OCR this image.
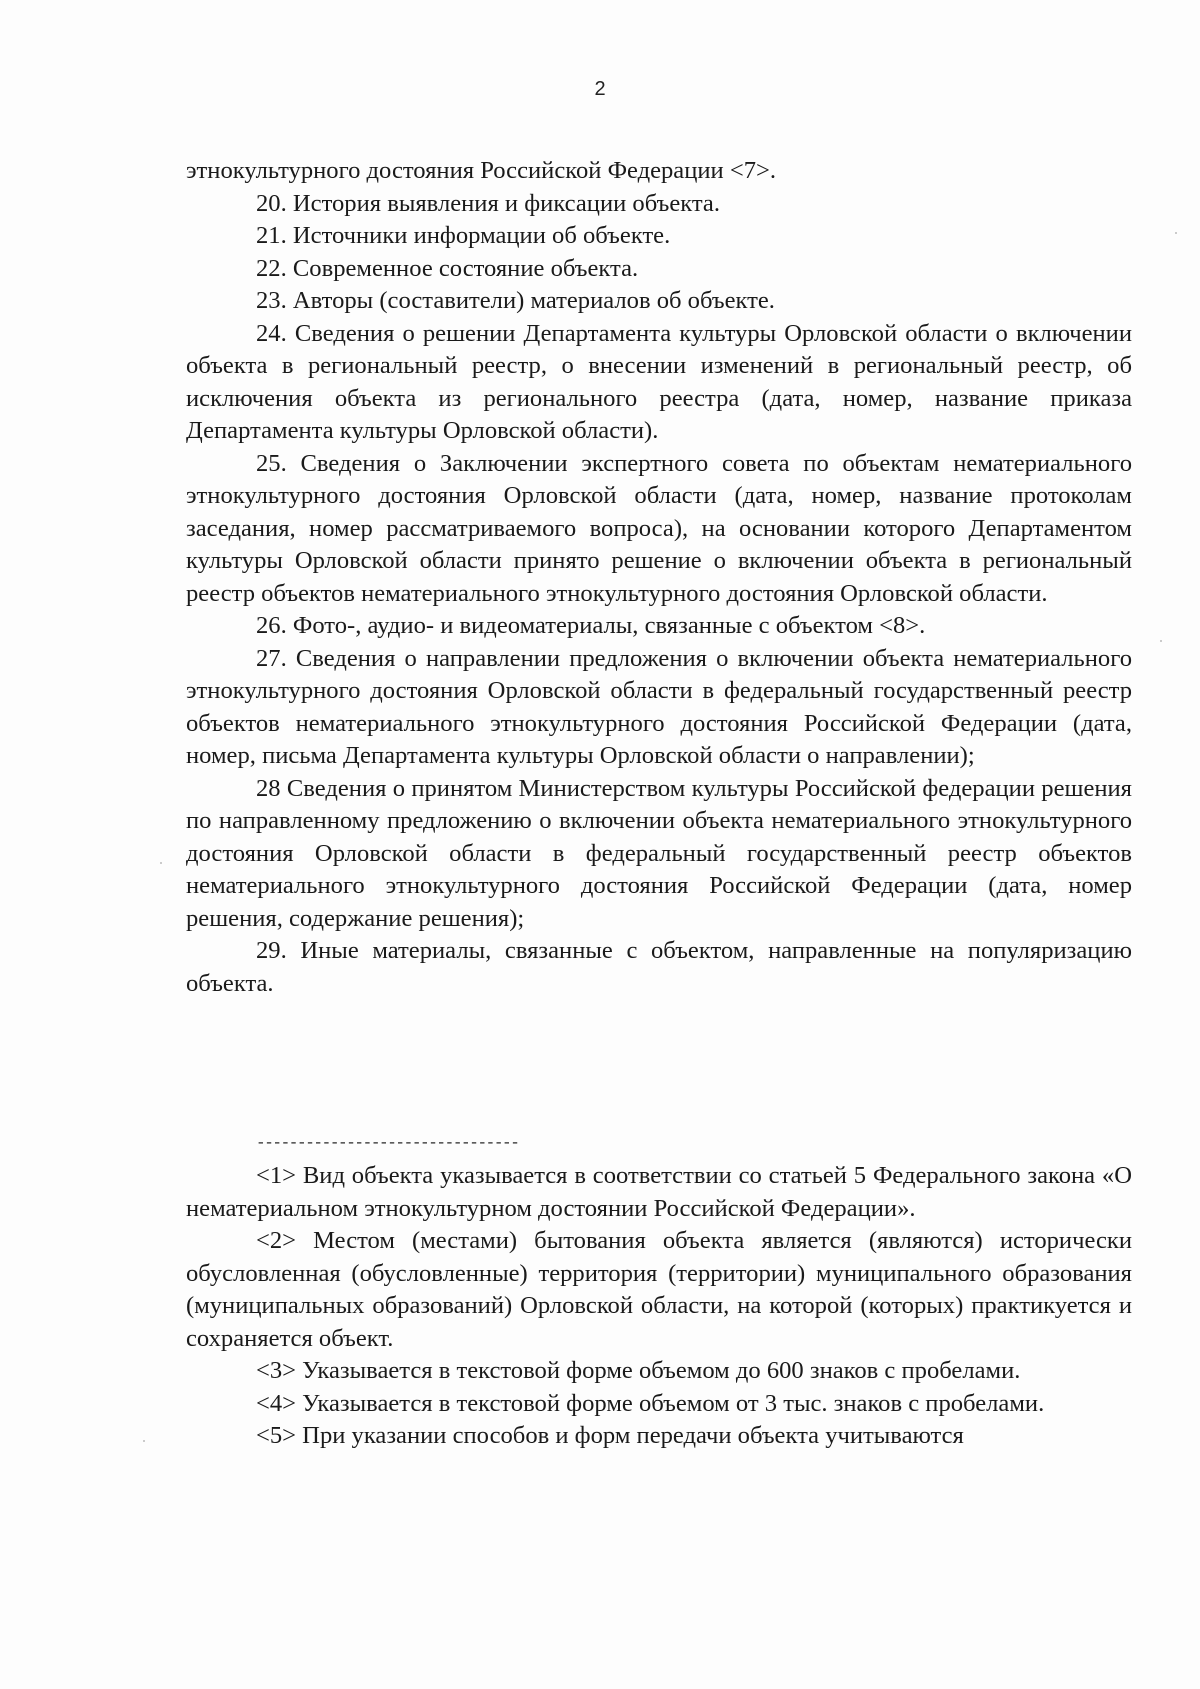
2

этнокультурного достояния Российской Федерации <7>.

20. История выявления и фиксации объекта.

21. Источники информации об объекте.

22. Современное состояние объекта.

23. Авторы (составители) материалов об объекте.

24. Сведения о решении Департамента культуры Орловской области о включении объекта в региональный реестр, о внесении изменений в региональный реестр, об исключения объекта из регионального реестра (дата, номер, название приказа Департамента культуры Орловской области).

25. Сведения о Заключении экспертного совета по объектам нематериального этнокультурного достояния Орловской области (дата, номер, название протоколам заседания, номер рассматриваемого вопроса), на основании которого Департаментом культуры Орловской области принято решение о включении объекта в региональный реестр объектов нематериального этнокультурного достояния Орловской области.

26. Фото-, аудио- и видеоматериалы, связанные с объектом <8>.

27. Сведения о направлении предложения о включении объекта нематериального этнокультурного достояния Орловской области в федеральный государственный реестр объектов нематериального этнокультурного достояния Российской Федерации (дата, номер, письма Департамента культуры Орловской области о направлении);

28 Сведения о принятом Министерством культуры Российской федерации решения по направленному предложению о включении объекта нематериального этнокультурного достояния Орловской области в федеральный государственный реестр объектов нематериального этнокультурного достояния Российской Федерации (дата, номер решения, содержание решения);

29. Иные материалы, связанные с объектом, направленные на популяризацию объекта.

--------------------------------

<1> Вид объекта указывается в соответствии со статьей 5 Федерального закона «О нематериальном этнокультурном достоянии Российской Федерации».

<2> Местом (местами) бытования объекта является (являются) исторически обусловленная (обусловленные) территория (территории) муниципального образования (муниципальных образований) Орловской области, на которой (которых) практикуется и сохраняется объект.

<3> Указывается в текстовой форме объемом до 600 знаков с пробелами.

<4> Указывается в текстовой форме объемом от 3 тыс. знаков с пробелами.

<5> При указании способов и форм передачи объекта учитываются
